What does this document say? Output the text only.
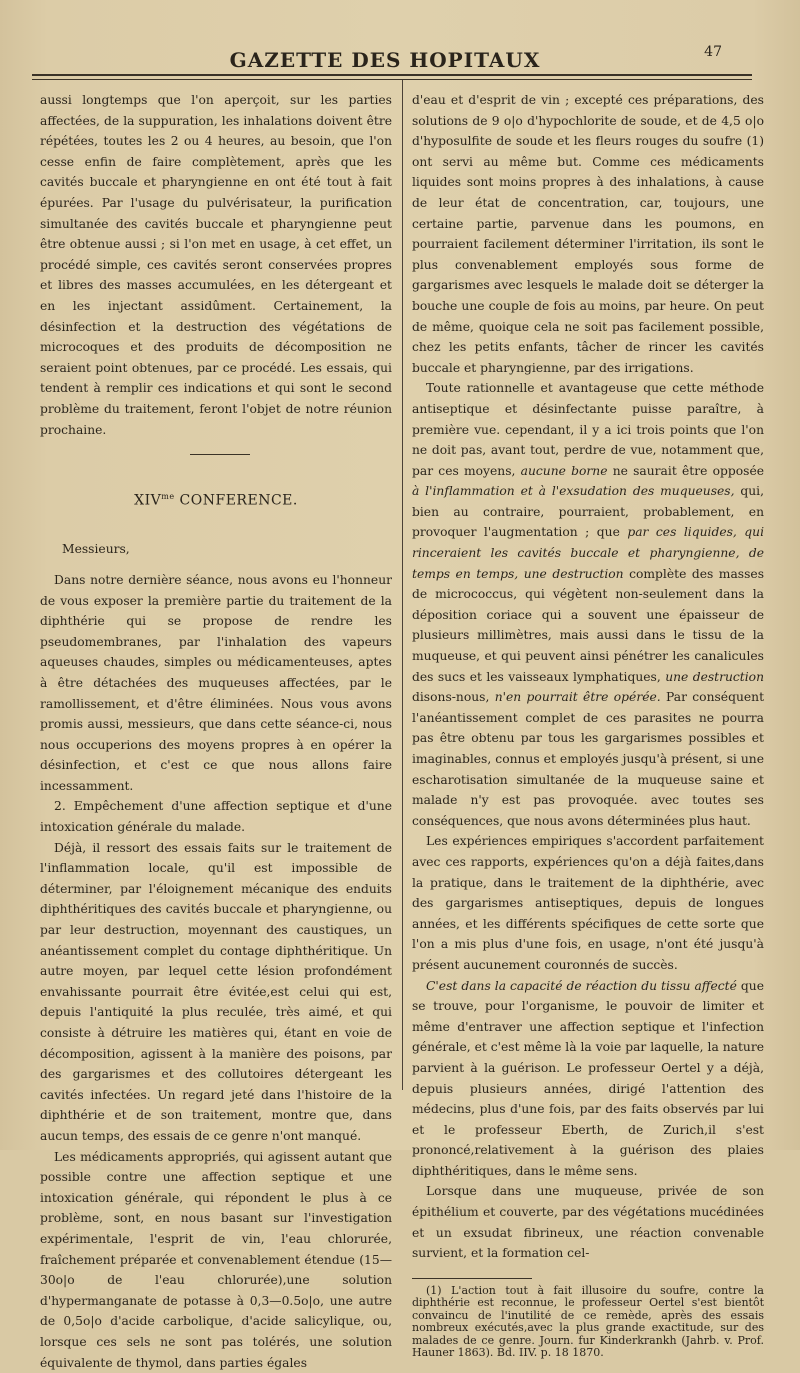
GAZETTE DES HOPITAUX	47

aussi longtemps que l'on aperçoit, sur les parties affectées, de la suppuration, les inhalations doivent être répétées, toutes les 2 ou 4 heures, au besoin, que l'on cesse enfin de faire complètement, après que les cavités buccale et pharyngienne en ont été tout à fait épurées. Par l'usage du pulvérisateur, la purification simultanée des cavités buccale et pharyngienne peut être obtenue aussi ; si l'on met en usage, à cet effet, un procédé simple, ces cavités seront conservées propres et libres des masses accumulées, en les détergeant et en les injectant assidûment. Certainement, la désinfection et la destruction des végétations de microcoques et des produits de décomposition ne seraient point obtenues, par ce procédé. Les essais, qui tendent à remplir ces indications et qui sont le second problème du traitement, feront l'objet de notre réunion prochaine.

$XIV^{me}$ CONFERENCE.
Messieurs,

Dans notre dernière séance, nous avons eu l'honneur de vous exposer la première partie du traitement de la diphthérie qui se propose de rendre les pseudomembranes, par l'inhalation des vapeurs aqueuses chaudes, simples ou médicamenteuses, aptes à être détachées des muqueuses affectées, par le ramollissement, et d'être éliminées. Nous vous avons promis aussi, messieurs, que dans cette séance-ci, nous nous occuperions des moyens propres à en opérer la désinfection, et c'est ce que nous allons faire incessamment.

2. Empêchement d'une affection septique et d'une intoxication générale du malade.

Déjà, il ressort des essais faits sur le traitement de l'inflammation locale, qu'il est impossible de déterminer, par l'éloignement mécanique des enduits diphthéritiques des cavités buccale et pharyngienne, ou par leur destruction, moyennant des caustiques, un anéantissement complet du contage diphthéritique. Un autre moyen, par lequel cette lésion profondément envahissante pourrait être évitée,est celui qui est, depuis l'antiquité la plus reculée, très aimé, et qui consiste à détruire les matières qui, étant en voie de décomposition, agissent à la manière des poisons, par des gargarismes et des collutoires détergeant les cavités infectées. Un regard jeté dans l'histoire de la diphthérie et de son traitement, montre que, dans aucun temps, des essais de ce genre n'ont manqué.

Les médicaments appropriés, qui agissent autant que possible contre une affection septique et une intoxication générale, qui répondent le plus à ce problème, sont, en nous basant sur l'investigation expérimentale, l'esprit de vin, l'eau chlorurée, fraîchement préparée et convenablement étendue (15—30o|o de l'eau chlorurée),une solution d'hypermanganate de potasse à 0,3—0.5o|o, une autre de 0,5o|o d'acide carbolique, d'acide salicylique, ou, lorsque ces sels ne sont pas tolérés, une solution équivalente de thymol, dans parties égales

d'eau et d'esprit de vin ; excepté ces préparations, des solutions de 9 o|o d'hypochlorite de soude, et de 4,5 o|o d'hyposulfite de soude et les fleurs rouges du soufre (1) ont servi au même but. Comme ces médicaments liquides sont moins propres à des inhalations, à cause de leur état de concentration, car, toujours, une certaine partie, parvenue dans les poumons, en pourraient facilement déterminer l'irritation, ils sont le plus convenablement employés sous forme de gargarismes avec lesquels le malade doit se déterger la bouche une couple de fois au moins, par heure. On peut de même, quoique cela ne soit pas facilement possible, chez les petits enfants, tâcher de rincer les cavités buccale et pharyngienne, par des irrigations.

Toute rationnelle et avantageuse que cette méthode antiseptique et désinfectante puisse paraître, à première vue. cependant, il y a ici trois points que l'on ne doit pas, avant tout, perdre de vue, notamment que, par ces moyens, aucune borne ne saurait être opposée à l'inflammation et à l'exsudation des muqueuses, qui, bien au contraire, pourraient, probablement, en provoquer l'augmentation ; que par ces liquides, qui rinceraient les cavités buccale et pharyngienne, de temps en temps, une destruction complète des masses de micrococcus, qui végètent non-seulement dans la déposition coriace qui a souvent une épaisseur de plusieurs millimètres, mais aussi dans le tissu de la muqueuse, et qui peuvent ainsi pénétrer les canalicules des sucs et les vaisseaux lymphatiques, une destruction disons-nous, n'en pourrait être opérée. Par conséquent l'anéantissement complet de ces parasites ne pourra pas être obtenu par tous les gargarismes possibles et imaginables, connus et employés jusqu'à présent, si une escharotisation simultanée de la muqueuse saine et malade n'y est pas provoquée. avec toutes ses conséquences, que nous avons déterminées plus haut.

Les expériences empiriques s'accordent parfaitement avec ces rapports, expériences qu'on a déjà faites,dans la pratique, dans le traitement de la diphthérie, avec des gargarismes antiseptiques, depuis de longues années, et les différents spécifiques de cette sorte que l'on a mis plus d'une fois, en usage, n'ont été jusqu'à présent aucunement couronnés de succès.

C'est dans la capacité de réaction du tissu affecté que se trouve, pour l'organisme, le pouvoir de limiter et même d'entraver une affection septique et l'infection générale, et c'est même là la voie par laquelle, la nature parvient à la guérison. Le professeur Oertel y a déjà, depuis plusieurs années, dirigé l'attention des médecins, plus d'une fois, par des faits observés par lui et le professeur Eberth, de Zurich,il s'est prononcé,relativement à la guérison des plaies diphthéritiques, dans le même sens.

Lorsque dans une muqueuse, privée de son épithélium et couverte, par des végétations mucédinées et un exsudat fibrineux, une réaction convenable survient, et la formation cel-

(1) L'action tout à fait illusoire du soufre, contre la diphthérie est reconnue, le professeur Oertel s'est bientôt convaincu de l'inutilité de ce remède, après des essais nombreux exécutés,avec la plus grande exactitude, sur des malades de ce genre. Journ. fur Kinderkrankh (Jahrb. v. Prof. Hauner 1863). Bd. IIV. p. 18 1870.
